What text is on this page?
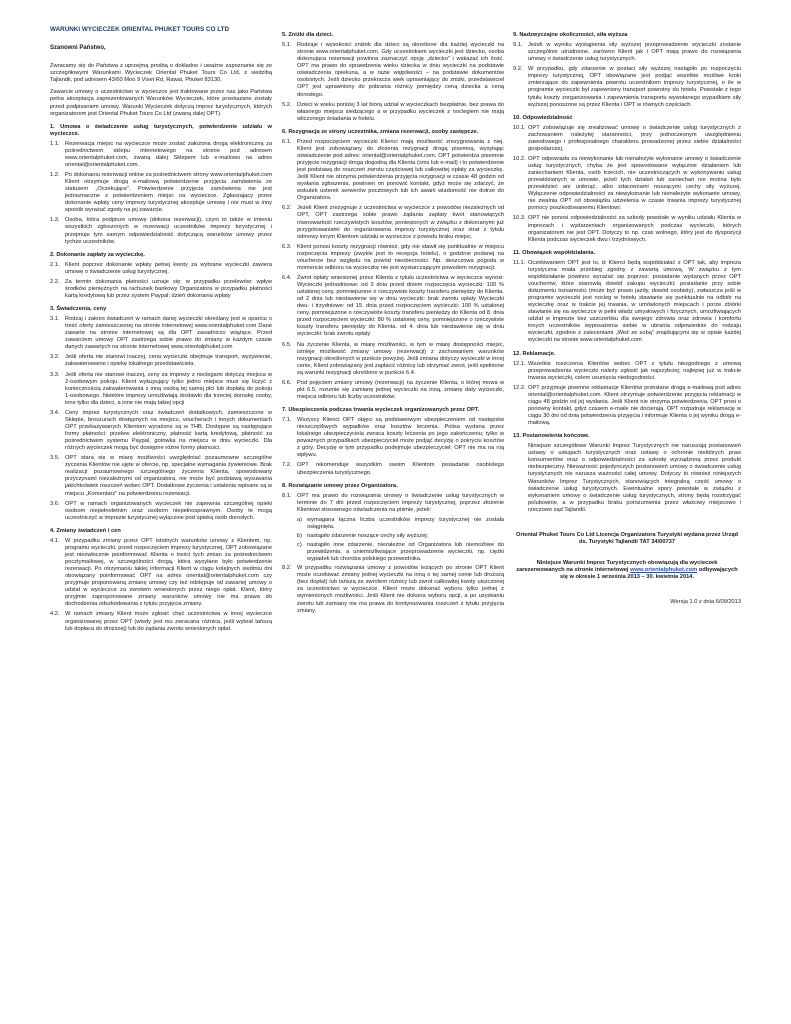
WARUNKI WYCIECZEK ORIENTAL PHUKET TOURS CO LTD
Szanowni Państwo,

Zwracamy się do Państwa z uprzejmą prośbą o dokładne i uważne zapoznanie się ze szczegółowymi Warunkami Wycieczek Oriental Phuket Tours Co Ltd, z siedzibą Tajlandii, pod adresem 43/60 Moo 9 Viset Rd, Rawai, Phuket 83130.

Zawarcie umowy o uczestnictwo w wycieczce jest traktowane przez nas jako Państwa pełna akceptacja zaprezentowanych Warunków Wycieczek, które przekazane zostały przed podpisaniem umowy. Warunki Wycieczek dotyczą imprez turystycznych, których organizatorem jest Oriental Phuket Tours Co Ltd (zwaną dalej OPT).

1. Umowa o świadczenie usług turystycznych, potwierdzenie udziału w wycieczce.
1.1. Rezerwacja miejsc na wycieczce może zostać założona drogą elektroniczną za pośrednictwem sklepu internetowego na stronie pod adresem www.orientalphuket.com, zwaną dalej Sklepem lub e-mailowo na adres oriental@orientalphuket.com.
1.2. Po dokonaniu rezerwacji online za pośrednictwem strony www.orientalphuket.com Klient otrzymuje drogą e-mailową potwierdzenie przyjęcia zamówienia ze statusem „Oczekujące”. Potwierdzenie przyjęcia zamówienia nie jest jednoznaczne z potwierdzeniem miejsc na wycieczce. Zgłaszający przez dokonanie wpłaty ceny imprezy turystycznej akceptuje umowę i nie musi w inny sposób wyrażać zgody na jej zawarcie.
1.3. Osoba, która podpisze umowę (dokona rezerwacji), czyni to także w imieniu wszystkich zgłoszonych w rezerwacji uczestników imprezy turystycznej i przejmuje tym samym odpowiedzialność dotyczącą warunków umowy przez tychże uczestników.
2. Dokonanie zapłaty za wycieczkę.
2.1. Klient poprzez dokonanie wpłaty pełnej kwoty za wybrane wycieczki zawiera umowę o świadczenie usług turystycznej.
2.2. Za termin dokonania płatności uznaje się: w przypadku przelewów: wpływ środków pieniężnych na rachunek bankowy Organizatora w przypadku płatności kartą kredytową lub przez system Paypal: dzień dokonania wpłaty
3. Świadczenia, ceny
3.1. Rodzaj i zakres świadczeń w ramach danej wycieczki określany jest w oparciu o treść oferty zamieszczonej na stronie internetowej www.orientalphuket.com Dane zawarte na stronie internetowej są dla OPT zasadniczo wiążące. Przed zawarciem umowy OPT zastrzega sobie prawo do zmiany w każdym czasie danych zawartych na stronie internetowej www.orientalphuket.com
3.2. Jeśli oferta nie stanowi inaczej, cena wycieczki obejmuje transport, wyżywienie, zakwaterowanie i opiekę lokalnego przedstawiciela.
3.3. Jeśli oferta nie stanowi inaczej, ceny za imprezy z noclegami dotyczą miejsca w 2-osobowym pokoju. Klient wykupujący tylko jedno miejsce musi się liczyć z koniecznością zakwaterowania z inną osobą tej samej płci lub dopłatą do pokoju 1-osobowego. Niektóre imprezy umożliwiają dostawki dla trzeciej dorosłej osoby, inne tylko dla dzieci, a inne nie mają takiej opcji
3.4. Ceny imprez turystycznych oraz świadczeń dodatkowych, zamieszczone w Sklepie, broszurach dostępnych na miejscu, voucherach i innych dokumentach OPT przekazywanych Klientom wyrażone są w THB. Dostępne są następujące formy płatności: przelew elektroniczny, płatność kartą kredytową, płatność za pośrednictwem systemu Paypal, gotówka na miejscu w dniu wycieczki. Dla różnych wycieczek mogą być dostępne różne formy płatności.
3.5. OPT stara się w miarę możliwości uwzględniać pozaumowne szczególne życzenia Klientów nie ujęte w ofercie, np. specjalne wymagania żywieniowe. Brak realizacji pozaumownego szczególnego życzenia Klienta, spowodowany przyczynami niezależnymi od organizatora, nie może być podstawą wysuwania jakichkolwiek roszczeń wobec OPT. Dodatkowe życzenia i ustalenia wpisane są w miejscu „Komentarz” na potwierdzeniu rezerwacji.
3.6. OPT w ramach organizowanych wycieczek nie zapewnia szczególnej opieki osobom niepełnoletnim oraz osobom niepełnosprawnym. Osoby te mogą uczestniczyć w imprezie turystycznej wyłącznie pod opieką osób dorosłych.
4. Zmiany świadczeń i cen
4.1. W przypadku zmiany przez OPT istotnych warunków umowy z Klientem, np. programu wycieczki, przed rozpoczęciem imprezy turystycznej, OPT zobowiązane jest niezwłocznie poinformować Klienta o treści tych zmian za pośrednictwem pocztymailowej, w szczególności drogą, która wysyłane było potwierdzenie rezerwacji. Po otrzymaniu takiej informacji Klient w ciągu kolejnych siedmiu dni obowiązany poinformować OPT na adres oriental@orientalphuket.com czy przyjmuje proponowaną zmianę umowy czy też odstępuje od zawartej umowy o udział w wycieczce za zwrotem wniesionych przez niego opłat. Klient, który przyjmie zaproponowane zmiany warunków umowy nie ma prawa do dochodzenia odszkodowania z tytułu przyjęcia zmiany.
4.2. W ramach zmiany Klient może zgłosić chęć uczestnictwa w innej wycieczce organizowanej przez OPT (wtedy jest mu zwracana różnica, jeśli wybrał tańszą lub dopłaca do droższej) lub do żądania zwrotu wniesionych opłat.
5. Zniżki dla dzieci.
5.1. Rodzaje i wysokości zniżek dla dzieci są określone dla każdej wycieczki na stronie www.orientalphuket.com. Gdy uczestnikiem wycieczki jest dziecko, osoba dokonująca rezerwacji powinna zaznaczyć opcję „dziecko” i wskazać ich ilość. OPT ma prawo do sprawdzenia wieku dziecka w dniu wycieczki na podstawie oświadczenia opiekuna, a w razie wątpliwości – na podstawie dokumentów osobistych. Jeśli dziecko przekracza wiek uprawniający do zniżki, przedstawiciel OPT jest uprawniony do pobrania różnicy pomiędzy ceną dziecka a ceną dorosłego.
5.2. Dzieci w wieku poniżej 3 lat biorą udział w wycieczkach bezpłatnie, bez prawa do własnego miejsca siedzącego a w przypadku wycieczek z noclegiem nie mają wliczonego śniadania w hotelu.
6. Rezygnacja ze strony uczestnika, zmiana rezerwacji, osoby zastępcze.
6.1. Przed rozpoczęciem wycieczki Klienci mają możliwość zrezygnowania z niej. Klient jest zobowiązany do złożenia rezygnacji drogą pisemną, wysyłając oświadczenie pod adres: oriental@orientalphuket.com. OPT potwierdza pisemnie przyjęcie rezygnacji drogą dogodną dla Klienta (sms lub e-mail) i to potwierdzenie jest podstawą do roszczeń zwrotu częściowej lub całkowitej opłaty za wycieczkę. Jeśli Klient nie otrzyma potwierdzenia przyjęcia rezygnacji w czasie 48 godzin od wysłania zgłoszenia, powinien on ponowić kontakt, gdyż może się zdarzyć, że wskutek usterek serwerów pocztowych lub ich awarii wiadomość nie dotrze do Organizatora.
6.2. Jeżeli Klient zrezygnuje z uczestnictwa w wycieczce z powodów niezależnych od OPT, OPT zastrzega sobie prawo żądania zapłaty kwot stanowiących równowartość rzeczywistych kosztów, poniesionych w związku z dokonanymi już przygotowaniami do organizowania imprezy turystycznej oraz strat z tytułu odmowy innym Klientom udziału w wycieczce z powodu braku miejsc.
6.3. Klient ponosi koszty rezygnacji również, gdy nie stawił się punktualnie w miejscu rozpoczęcia imprezy (zwykle jest to recepcja hotelu), o godzinie podanej na voucherze bez względu na powód nieobecności. Np. deszczowa pogoda w momencie odbioru na wycieczkę nie jest wystarczającym powodem rezygnacji.
6.4. Zwrot opłaty wniesionej przez Klienta z tytułu uczestnictwa w wycieczce wynosi: Wycieczki jednodniowe: od 3 dnia przed dniem rozpoczęcia wycieczki: 100 % ustalonej ceny, pomniejszone o rzeczywiste koszty transferu pieniędzy do Klienta. od 2 dnia lub niestawienie się w dniu wycieczki: brak zwrotu opłaty Wycieczki dwu- i trzydniowe: od 15. dnia przed rozpoczęciem wycieczki: 100 % ustalonej ceny, pomniejszone o rzeczywiste koszty transferu pieniędzy do Klienta od 8. dnia przed rozpoczęciem wycieczki: 80 % ustalonej ceny, pomniejszone o rzeczywiste koszty transferu pieniędzy do Klienta. od 4. dnia lub niestawienie się w dniu wycieczki: brak zwrotu opłaty
6.5. Na życzenie Klienta, w miarę możliwości, w tym w miarę dostępności miejsc, istnieje możliwość zmiany umowy (rezerwacji) z zachowaniem warunków rezygnacji określonych w punkcie powyżej. Jeśli zmiana dotyczy wycieczki w innej cenie, Klient zobowiązany jest zapłacić różnicę lub otrzymać zwrot, jeśli spełnione są warunki rezygnacji określone w punkcie 6.4.
6.6. Pod pojęciem zmiany umowy (rezerwacji) na życzenie Klienta, o której mowa w pkt 6.5, rozumie się zamianę jednej wycieczki na inną, zmianę daty wycieczki, miejsca odbioru lub liczby uczestników.
7. Ubezpieczenia podczas trwania wycieczek organizowanych przez OPT.
7.1. Wszyscy Klienci OPT objęci są podstawowym ubezpieczeniem od następstw nieszczęśliwych wypadków oraz kosztów leczenia. Polisa wydana przez lokalnego ubezpieczyciela zwraca koszty leczenia po jego zakończeniu; tylko w poważnych przypadkach ubezpieczyciel może podjąć decyzję o pokryciu kosztów z góry. Decyzję w tym przypadku podejmuje ubezpieczyciel; OPT nie ma na nią wpływu.
7.2. OPT rekomenduje wszystkim swoim Klientom posiadanie osobistego ubezpieczenia turystycznego.
8. Rozwiązanie umowy przez Organizatora.
8.1. OPT ma prawo do rozwiązania umowy o świadczenie usług turystycznych w terminie do 7 dni przed rozpoczęciem imprezy turystycznej, poprzez złożenie Klientowi stosownego oświadczenia na piśmie, jeżeli:
a) wymagana łączna liczba uczestników imprezy turystycznej nie została osiągnięta.
b) nastąpiło zdarzenie noszące cechy siły wyższej;
c) nastąpiło inne zdarzenie, niezależne od Organizatora lub niemożliwe do przewidzenia, a uniemożliwiające przeprowadzenie wycieczki, np. ciężki wypadek lub choroba polskiego przewodnika.
8.2. W przypadku rozwiązania umowy z powodów leżących po stronie OPT Klient może oczekiwać zmiany jednej wycieczki na inną o tej samej cenie lub droższą (bez dopłat) lub tańszą ze zwrotem różnicy lub zwrot całkowitej kwoty uiszczonej za uczestnictwo w wycieczce. Klient może dokonać wyboru tylko jednej z wymienionych możliwości. Jeśli Klient nie dokona wyboru opcji, a po uzyskaniu zwrotu lub zamiany nie ma prawa do kontynuowania roszczeń z tytułu przyjęcia zmiany.
9. Nadzwyczajne okoliczności, siła wyższa
9.1. Jeżeli w wyniku wystąpienia siły wyższej przeprowadzenie wycieczki zostanie szczególnie utrudnione, zarówno Klient jak i OPT mają prawo do rozwiązania umowy o świadczenie usług turystycznych.
9.2. W przypadku, gdy zdarzenie w postaci siły wyższej nastąpiło po rozpoczęciu imprezy turystycznej, OPT obowiązane jest podjąć wszelkie możliwe kroki zmierzające do zapewnienia powrotu uczestnikom imprezy turystycznej, o ile w programie wycieczki był zapewniony transport powrotny do hotelu. Powstałe z tego tytułu koszty zorganizowania i zapewnienia transportu wywołanego wypadkiem siły wyższej ponoszone są przez Klienta i OPT w równych częściach.
10. Odpowiedzialność
10.1. OPT zobowiązuje się zrealizować umowę o świadczenie usług turystycznych z zachowaniem należytej staranności, przy jednoczesnym uwzględnieniu zawodowego i profesjonalnego charakteru prowadzonej przez siebie działalności gospodarczej.
10.2. OPT odpowiada za niewykonanie lub nienależyte wykonanie umowy o świadczenie usług turystycznych, chyba że jest spowodowane wyłącznie działaniem lub zaniechaniem Klienta, osób trzecich, nie uczestniczących w wykonywaniu usług przewidzianych w umowie, jeżeli tych działań lub zaniechań nie można było przewidzieć ani uniknąć, albo zdarzeniami noszącymi cechy siły wyższej. Wyłączenie odpowiedzialności za niewykonanie lub nienależyte wykonanie umowy, nie zwalnia OPT od obowiązku udzielenia w czasie trwania imprezy turystycznej pomocy poszkodowanemu Klientowi.
10.3. OPT nie ponosi odpowiedzialności za szkody powstałe w wyniku udziału Klienta w imprezach i wydarzeniach organizowanych podczas wycieczki, których organizatorem nie jest OPT. Dotyczy to np. czas wolnego, który jest do dyspozycji Klienta podczas wycieczek dwu i trzydniowych.
11. Obowiązek współdziałania.
11.1. Oczekiwaniem OPT jest to, iż Klienci będą współdziałać z OPT tak, aby impreza turystyczna miała przebieg zgodny z zawartą umową. W związku z tym współdziałanie powinno wyrażać się poprzez: posiadanie wydanych przez OPT voucherów, które stanowią dowód zakupu wycieczki; posiadanie przy sobie dokumentu tożsamości (może być prawo jazdy, dowód osobisty), zwłaszcza jeśli w programie wycieczki jest nocleg w hotelu stawianie się punktualnie na odbiór na wycieczkę oraz w trakcie jej trwania, w umówionych miejscach i porze zbiórki stawianie się na wycieczce w pełni władz umysłowych i fizycznych, umożliwiających udział w imprezie bez uszczerbku dla swojego zdrowia oraz zdrowia i komfortu innych uczestników wyposażenia siebie w ubrania odpowiednie do rodzaju wycieczki, zgodnie z zaleceniami „Weź ze sobą” znajdującymi się w opisie każdej wycieczki na stronie www.orientalphuket.com
12. Reklamacje.
12.1. Wszelkie roszczenia Klientów wobec OPT z tytułu niezgodnego z umową przeprowadzenia wycieczki należy zgłosić jak najszybciej; najlepiej już w trakcie trwania wycieczki, celem usunięcia niedogodności.
12.2. OPT przyjmuje pisemne reklamacje Klientów przesłane drogą e-mailową pod adres oriental@orientalphuket.com. Klient otrzymuje potwierdzenie przyjęcia reklamacji w ciągu 48 godzin od jej wysłania. Jeśli Klient nie otrzyma potwierdzenia, OPT prosi o ponowny kontakt, gdyż czasem e-maile nie docierają. OPT rozpatruje reklamację w ciągu 30 dni od dnia potwierdzenia przyjęcia i informuje Klienta o jej wyniku drogą e-mailową.
13. Postanowienia końcowe.

Niniejsze szczegółowe Warunki Imprez Turystycznych nie naruszają postanowień ustawy o usługach turystycznych oraz ustawy o ochronie niektórych praw konsumentów oraz o odpowiedzialności za szkodę wyrządzoną przez produkt niebezpieczny. Nieważność pojedynczych postanowień umowy o świadczenie usług turystycznych nie narusza ważności całej umowy. Dotyczy to również niniejszych Warunków Imprez Turystycznych, stanowiących integralną część umowy o świadczenie usług turystycznych. Ewentualne spory powstałe w związku z wykonaniem umowy o świadczenie usług turystycznych, strony będą rozstrzygać polubownie, a w przypadku braku porozumienia przez właściwy miejscowo i rzeczowo sąd Tajlandii.

Oriental Phuket Tours Co Ltd Licencja Organizatora Turystyki wydana przez Urząd ds. Turystyki Tajlandii TAT 34/00737

Niniejsze Warunki Imprez Turystycznych obowiązują dla wycieczek zarezerwowanych na stronie internetowej www.orientalphuket.com odbywających się w okresie 1 września 2013 – 30. kwietnia 2014.

Wersja 1.0 z dnia 6/09/2013
